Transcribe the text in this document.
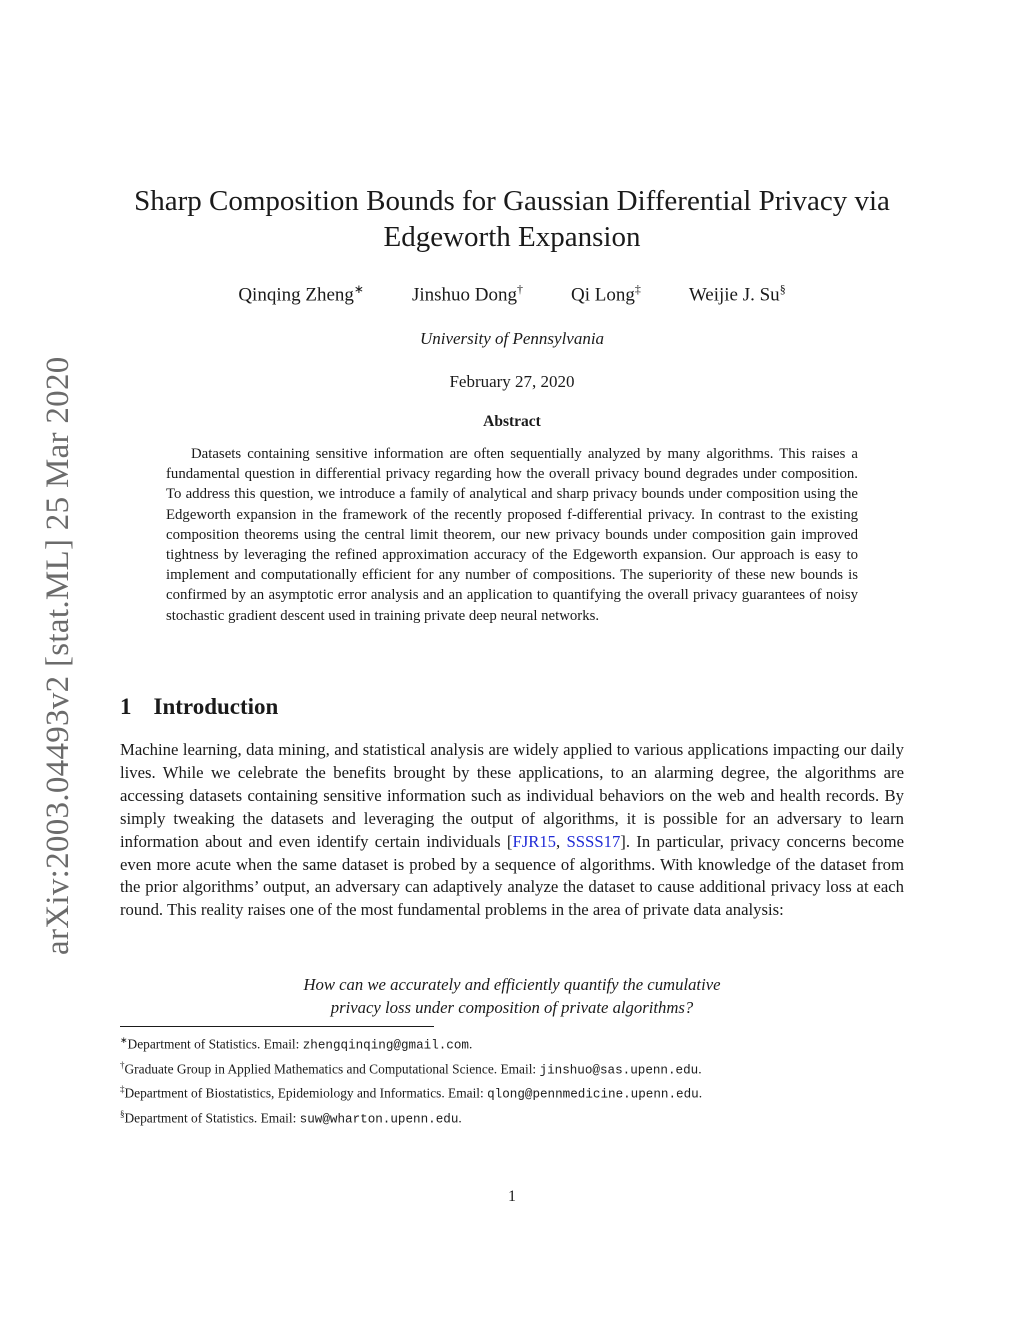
arXiv:2003.04493v2 [stat.ML] 25 Mar 2020
Sharp Composition Bounds for Gaussian Differential Privacy via
Edgeworth Expansion
Qinqing Zheng∗	Jinshuo Dong†	Qi Long‡	Weijie J. Su§
University of Pennsylvania
February 27, 2020
Abstract

Datasets containing sensitive information are often sequentially analyzed by many algorithms. This raises a fundamental question in differential privacy regarding how the overall privacy bound degrades under composition. To address this question, we introduce a family of analytical and sharp privacy bounds under composition using the Edgeworth expansion in the framework of the recently proposed f-differential privacy. In contrast to the existing composition theorems using the central limit theorem, our new privacy bounds under composition gain improved tightness by leveraging the refined approximation accuracy of the Edgeworth expansion. Our approach is easy to implement and computationally efficient for any number of compositions. The superiority of these new bounds is confirmed by an asymptotic error analysis and an application to quantifying the overall privacy guarantees of noisy stochastic gradient descent used in training private deep neural networks.

1 Introduction

Machine learning, data mining, and statistical analysis are widely applied to various applications impacting our daily lives. While we celebrate the benefits brought by these applications, to an alarming degree, the algorithms are accessing datasets containing sensitive information such as individual behaviors on the web and health records. By simply tweaking the datasets and leveraging the output of algorithms, it is possible for an adversary to learn information about and even identify certain individuals [FJR15, SSSS17]. In particular, privacy concerns become even more acute when the same dataset is probed by a sequence of algorithms. With knowledge of the dataset from the prior algorithms’ output, an adversary can adaptively analyze the dataset to cause additional privacy loss at each round. This reality raises one of the most fundamental problems in the area of private data analysis:

How can we accurately and efficiently quantify the cumulative
privacy loss under composition of private algorithms?
∗Department of Statistics. Email: zhengqinqing@gmail.com.
†Graduate Group in Applied Mathematics and Computational Science. Email: jinshuo@sas.upenn.edu.
‡Department of Biostatistics, Epidemiology and Informatics. Email: qlong@pennmedicine.upenn.edu.
§Department of Statistics. Email: suw@wharton.upenn.edu.
1
